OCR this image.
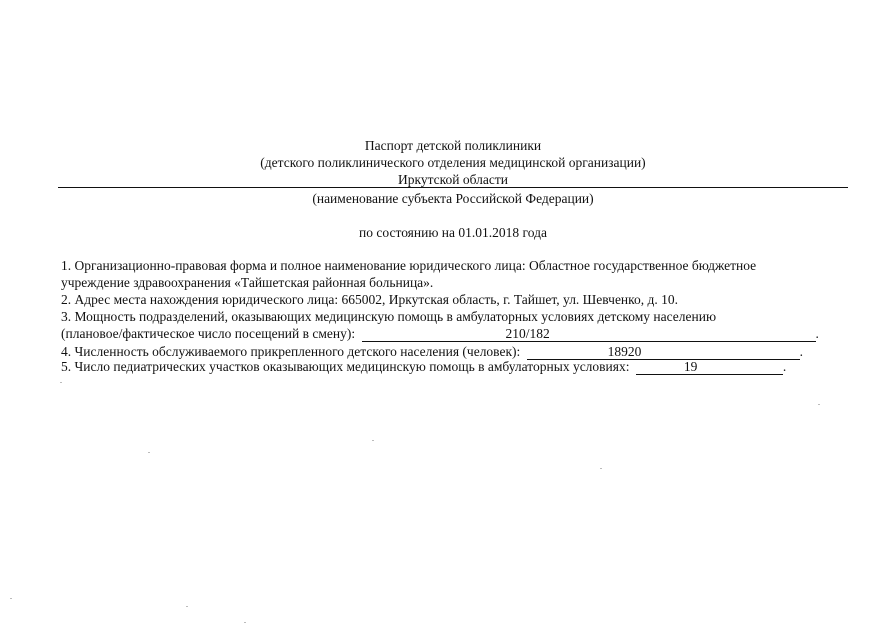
Паспорт детской поликлиники
(детского поликлинического отделения медицинской организации)
Иркутской области
(наименование субъекта Российской Федерации)
по состоянию на 01.01.2018 года
1. Организационно-правовая форма и полное наименование юридического лица: Областное государственное бюджетное
учреждение здравоохранения «Тайшетская районная больница».
2. Адрес места нахождения юридического лица: 665002, Иркутская область, г. Тайшет, ул. Шевченко, д. 10.
3. Мощность подразделений, оказывающих медицинскую помощь в амбулаторных условиях детскому населению
(плановое/фактическое число посещений в смену):	210/182	.
4. Численность обслуживаемого прикрепленного детского населения (человек):	18920	.
5. Число педиатрических участков оказывающих медицинскую помощь в амбулаторных условиях:	19	.
